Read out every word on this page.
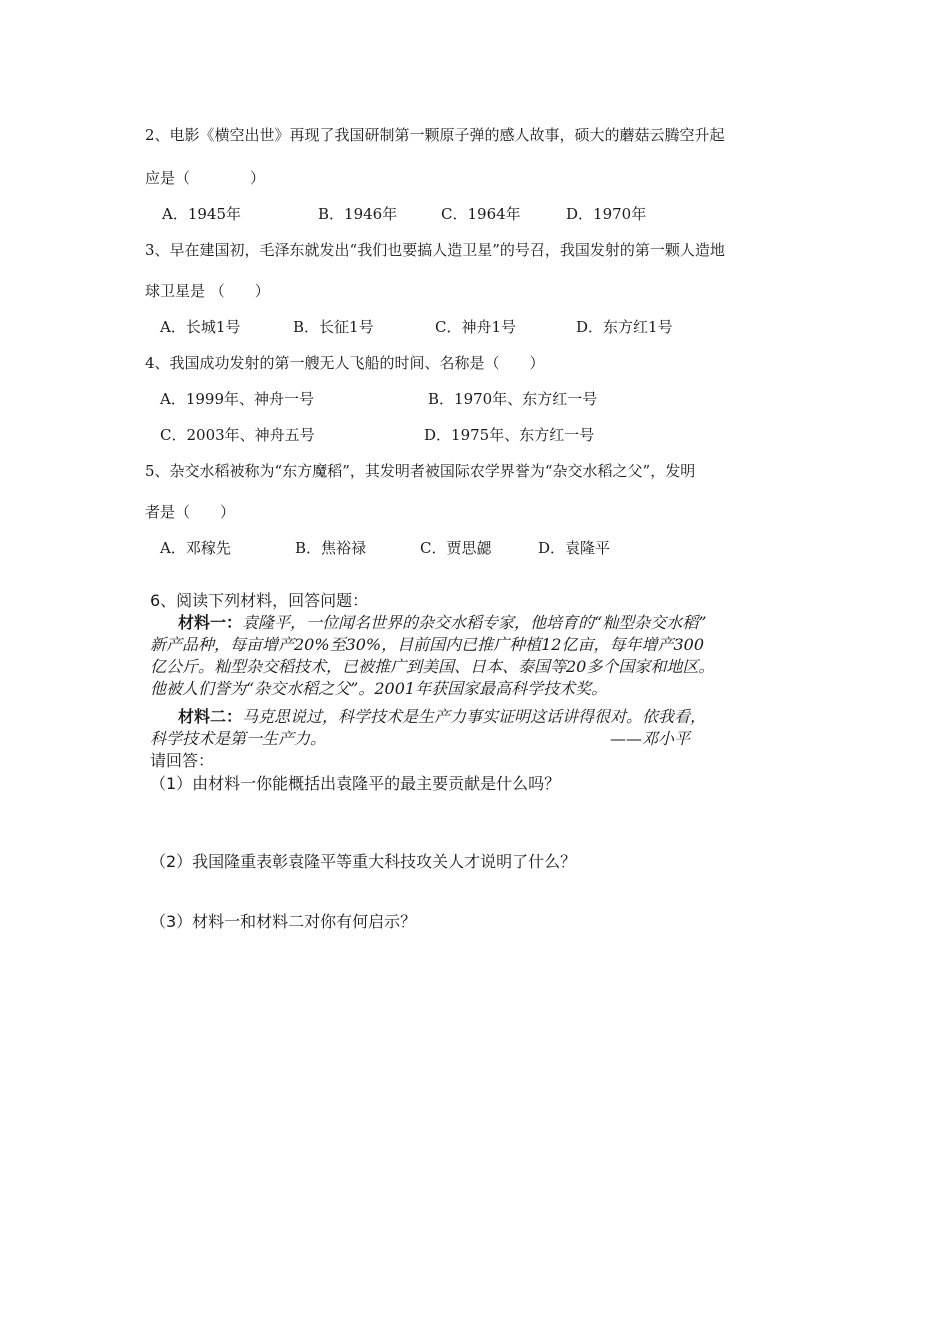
2、电影《横空出世》再现了我国研制第一颗原子弹的感人故事，硕大的蘑菇云腾空升起
应是（　　　　）
A．1945年	B．1946年	C．1964年	D．1970年
3、早在建国初，毛泽东就发出“我们也要搞人造卫星”的号召，我国发射的第一颗人造地
球卫星是 （　　）
A．长城1号	B．长征1号	C．神舟1号	D．东方红1号
4、我国成功发射的第一艘无人飞船的时间、名称是（　　）
A．1999年、神舟一号	B．1970年、东方红一号
C．2003年、神舟五号	D．1975年、东方红一号
5、杂交水稻被称为“东方魔稻”，其发明者被国际农学界誉为“杂交水稻之父”，发明
者是（　　）
A．邓稼先	B．焦裕禄	C．贾思勰	D．袁隆平
6、阅读下列材料，回答问题：
材料一：袁隆平，一位闻名世界的杂交水稻专家，他培育的“籼型杂交水稻”
新产品种，每亩增产20%至30%，目前国内已推广种植12亿亩，每年增产300
亿公斤。籼型杂交稻技术，已被推广到美国、日本、泰国等20多个国家和地区。
他被人们誉为“杂交水稻之父”。2001年获国家最高科学技术奖。
材料二：马克思说过，科学技术是生产力事实证明这话讲得很对。依我看，
科学技术是第一生产力。	——邓小平
请回答：
（1）由材料一你能概括出袁隆平的最主要贡献是什么吗？
（2）我国隆重表彰袁隆平等重大科技攻关人才说明了什么？
（3）材料一和材料二对你有何启示？
